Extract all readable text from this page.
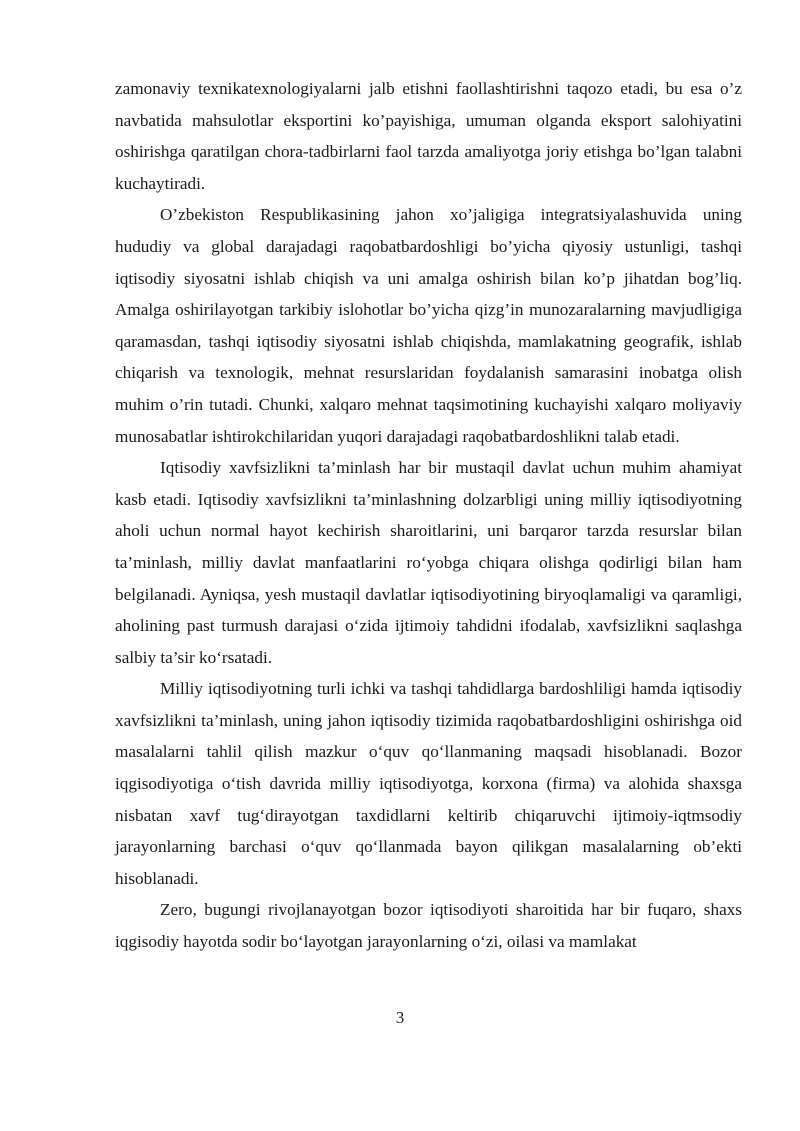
zamonaviy texnikatexnologiyalarni jalb etishni faollashtirishni taqozo etadi, bu esa o’z navbatida mahsulotlar eksportini ko’payishiga, umuman olganda eksport salohiyatini oshirishga qaratilgan chora-tadbirlarni faol tarzda amaliyotga joriy etishga bo’lgan talabni kuchaytiradi.

O’zbekiston Respublikasining jahon xo’jaligiga integratsiyalashuvida uning hududiy va global darajadagi raqobatbardoshligi bo’yicha qiyosiy ustunligi, tashqi iqtisodiy siyosatni ishlab chiqish va uni amalga oshirish bilan ko’p jihatdan bog’liq. Amalga oshirilayotgan tarkibiy islohotlar bo’yicha qizg’in munozaralarning mavjudligiga qaramasdan, tashqi iqtisodiy siyosatni ishlab chiqishda, mamlakatning geografik, ishlab chiqarish va texnologik, mehnat resurslaridan foydalanish samarasini inobatga olish muhim o’rin tutadi. Chunki, xalqaro mehnat taqsimotining kuchayishi xalqaro moliyaviy munosabatlar ishtirokchilaridan yuqori darajadagi raqobatbardoshlikni talab etadi.

Iqtisodiy xavfsizlikni ta’minlash har bir mustaqil davlat uchun muhim ahamiyat kasb etadi. Iqtisodiy xavfsizlikni ta’minlashning dolzarbligi uning milliy iqtisodiyotning aholi uchun normal hayot kechirish sharoitlarini, uni barqaror tarzda resurslar bilan ta’minlash, milliy davlat manfaatlarini ro‘yobga chiqara olishga qodirligi bilan ham belgilanadi. Ayniqsa, yesh mustaqil davlatlar iqtisodiyotining biryoqlamaligi va qaramligi, aholining past turmush darajasi o‘zida ijtimoiy tahdidni ifodalab, xavfsizlikni saqlashga salbiy ta’sir ko‘rsatadi.

Milliy iqtisodiyotning turli ichki va tashqi tahdidlarga bardoshliligi hamda iqtisodiy xavfsizlikni ta’minlash, uning jahon iqtisodiy tizimida raqobatbardoshligini oshirishga oid masalalarni tahlil qilish mazkur o‘quv qo‘llanmaning maqsadi hisoblanadi. Bozor iqgisodiyotiga o‘tish davrida milliy iqtisodiyotga, korxona (firma) va alohida shaxsga nisbatan xavf tug‘dirayotgan taxdidlarni keltirib chiqaruvchi ijtimoiy-iqtmsodiy jarayonlarning barchasi o‘quv qo‘llanmada bayon qilikgan masalalarning ob’ekti hisoblanadi.

Zero, bugungi rivojlanayotgan bozor iqtisodiyoti sharoitida har bir fuqaro, shaxs iqgisodiy hayotda sodir bo‘layotgan jarayonlarning o‘zi, oilasi va mamlakat

3
